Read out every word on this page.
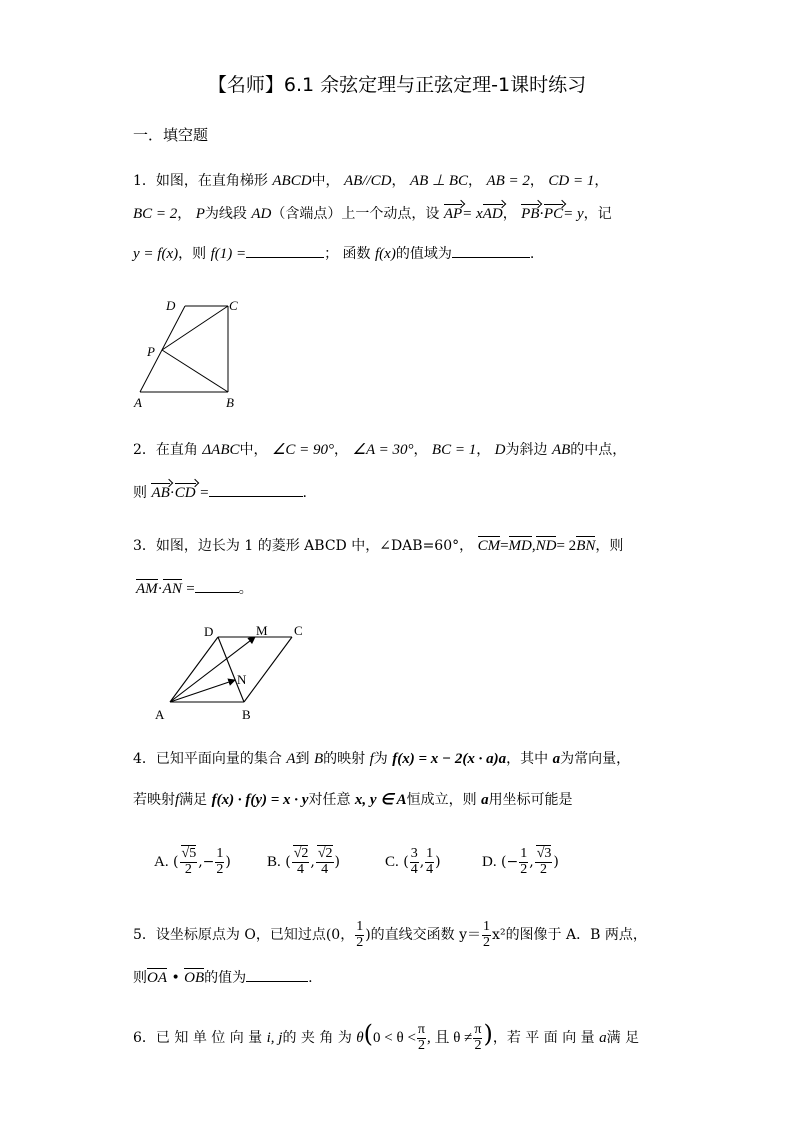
【名师】6.1 余弦定理与正弦定理-1课时练习
一．填空题
1．如图，在直角梯形 ABCD中， AB//CD， AB ⊥ BC， AB = 2， CD = 1，
BC = 2， P为线段 AD（含端点）上一个动点，设 AP= xAD， PB·PC= y，记
y = f(x)，则 f(1) =	； 函数 f(x)的值域为	.
D	C
P
A	B
2．在直角 ΔABC中， ∠C = 90°， ∠A = 30°， BC = 1， D为斜边 AB的中点，
则 AB·CD =	.
3．如图，边长为 1 的菱形 ABCD 中，∠DAB=60°， CM=MD,ND= 2BN，则
AM·AN =	。
D	M C
N
A	B
4．已知平面向量的集合 A到 B的映射 f为 f(x) = x − 2(x · a)a，其中 a为常向量，
若映射f满足 f(x) · f(y) = x · y对任意 x, y ∈ A恒成立，则 a用坐标可能是
A. ( √ $\frac{5}{2}$ ,− $\frac{1}{2}$ ) B. ( √ $\frac{2}{4}$ , √ $\frac{2}{4}$ )	C. ( $\frac{3}{4}$ , $\frac{1}{4}$ )	D. (− $\frac{1}{2}$ , √ $\frac{3}{2}$ )
5．设坐标原点为 O，已知过点(0， $\frac{1}{2}$ )的直线交函数 $y= \frac{1}{2} x^2$的图像于 A．B 两点，
则OA • OB的值为	.
6．已 知 单 位 向 量 i, j的 夹 角 为 $\theta(0 < \theta < \frac{\pi}{2}$ , 且 $\theta \ne \frac{\pi}{2}$ )，若 平 面 向 量 a满 足
